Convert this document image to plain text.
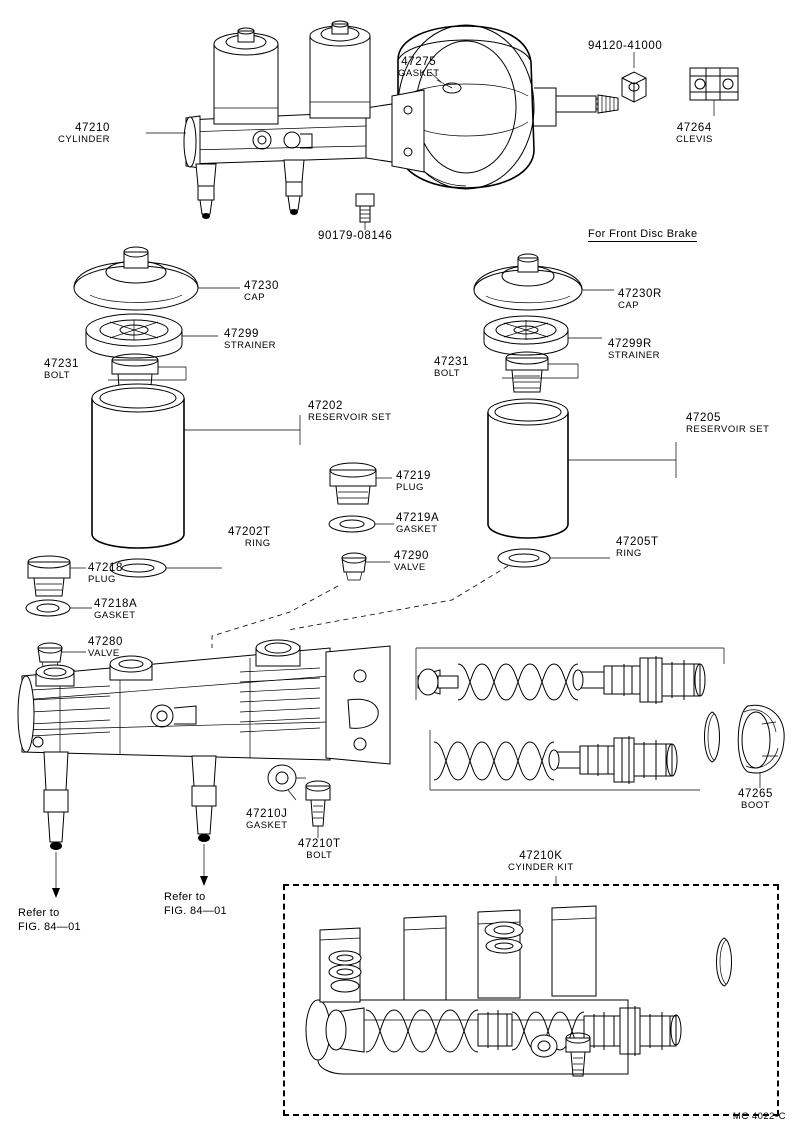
47210
CYLINDER
47275
GASKET
94120-41000
47264
CLEVIS
90179-08146	For Front Disc Brake
47230
CAP
47299
STRAINER
47231
BOLT
47202
RESERVOIR SET
47202T
RING
47218
PLUG
47218A
GASKET
47280
VALVE
47219
PLUG
47219A
GASKET
47290
VALVE
47230R
CAP
47299R
STRAINER
47231
BOLT
47205
RESERVOIR SET
47205T
RING
47265
BOOT
47210J
GASKET
47210T
BOLT	47210K
CYINDER KIT
Refer to
FIG. 84—01
Refer to
FIG. 84—01
MC 4022-C
